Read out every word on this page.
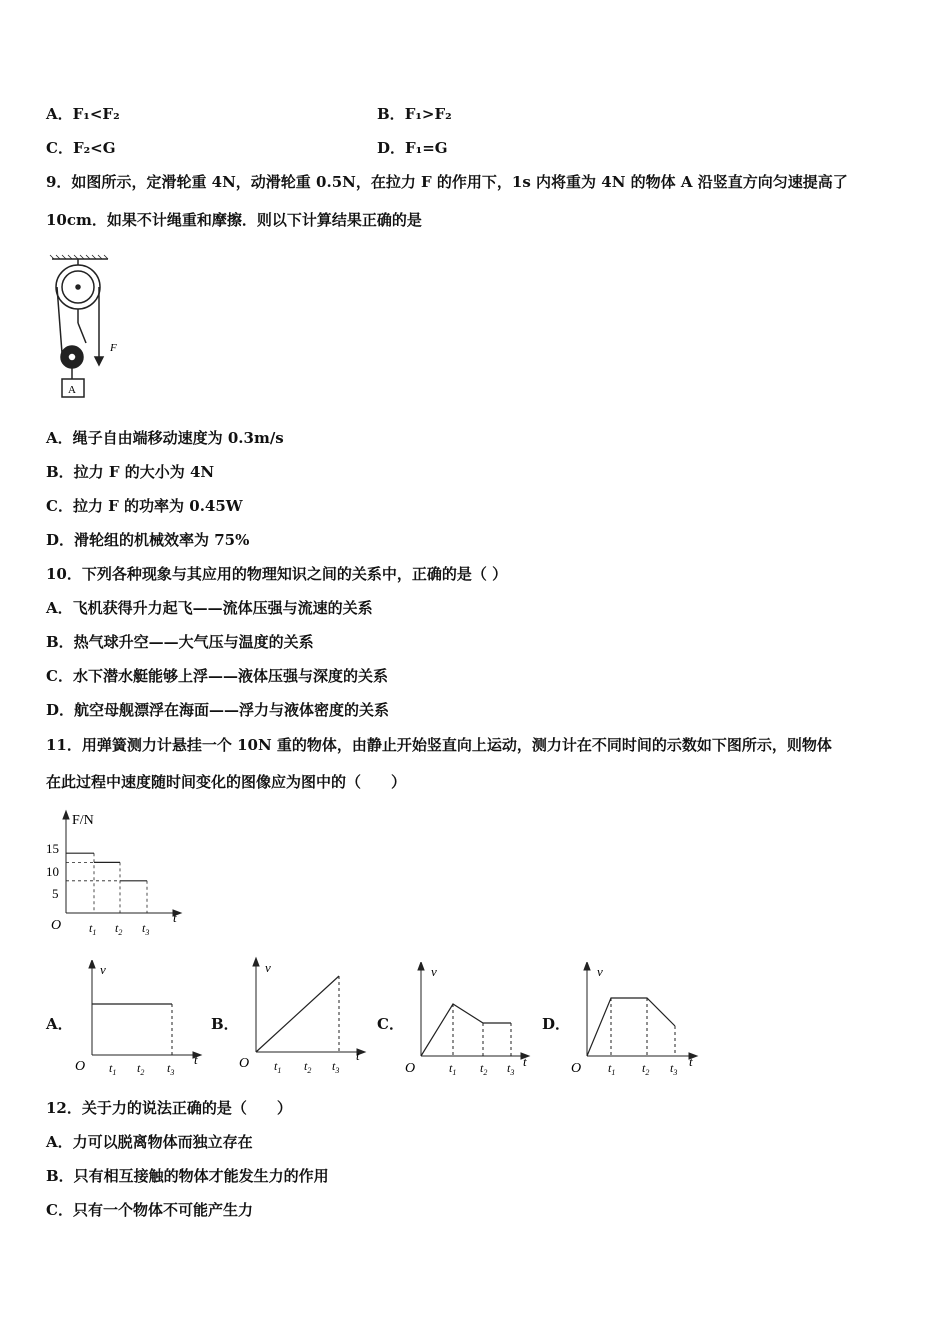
A．F₁<F₂	B．F₁>F₂
C．F₂<G	D．F₁=G
9．如图所示，定滑轮重 4N，动滑轮重 0.5N，在拉力 F 的作用下，1s 内将重为 4N 的物体 A 沿竖直方向匀速提高了
10cm．如果不计绳重和摩擦．则以下计算结果正确的是
F
A
A．绳子自由端移动速度为 0.3m/s
B．拉力 F 的大小为 4N
C．拉力 F 的功率为 0.45W
D．滑轮组的机械效率为 75%
10．下列各种现象与其应用的物理知识之间的关系中，正确的是（ ）
A．飞机获得升力起飞——流体压强与流速的关系
B．热气球升空——大气压与温度的关系
C．水下潜水艇能够上浮——液体压强与深度的关系
D．航空母舰漂浮在海面——浮力与液体密度的关系
11．用弹簧测力计悬挂一个 10N 重的物体，由静止开始竖直向上运动，测力计在不同时间的示数如下图所示，则物体
在此过程中速度随时间变化的图像应为图中的（　　）
F/N
t
O
15
10
5
$t_1$ $t_2$ $t_3$
A．
v
t
O $t_1$ $t_2$ $t_3$
B．
v
t
O $t_1$ $t_2$ $t_3$
C．
v
t
O	$t_1$ $t_2$ $t_3$
D．
v
t
O $t_1$ $t_2$ $t_3$
12．关于力的说法正确的是（　　）
A．力可以脱离物体而独立存在
B．只有相互接触的物体才能发生力的作用
C．只有一个物体不可能产生力
